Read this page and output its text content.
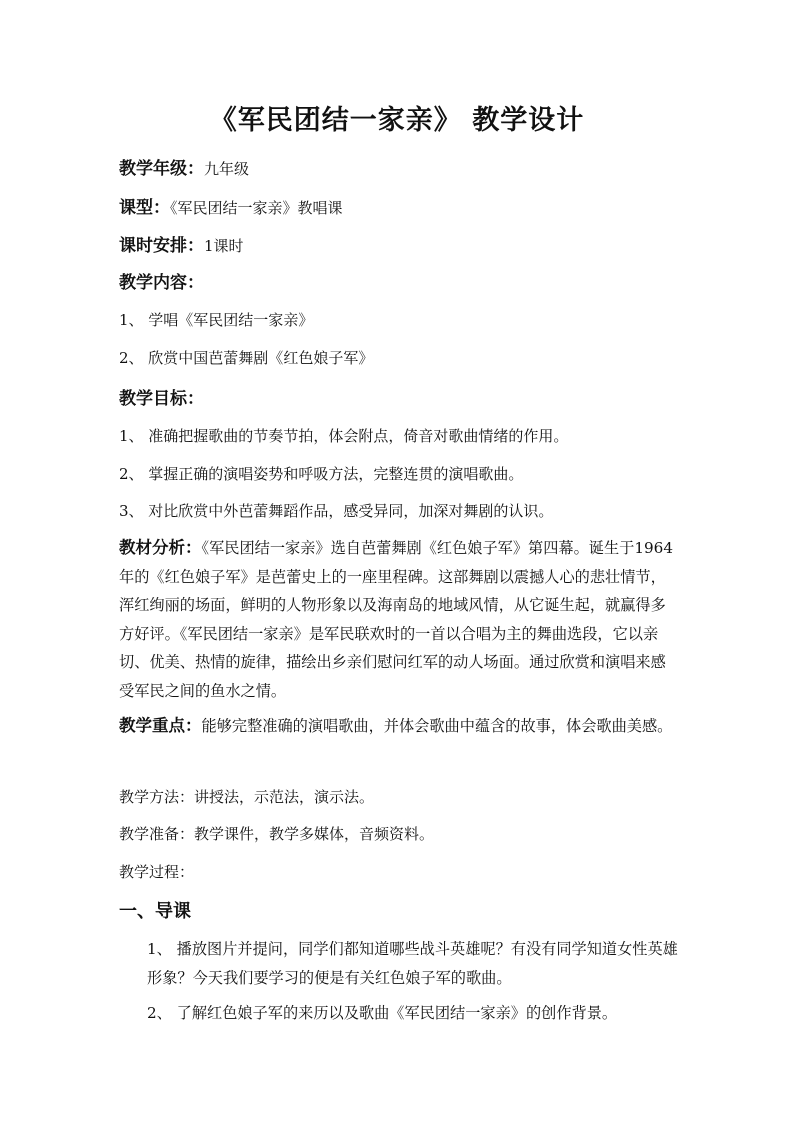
《军民团结一家亲》 教学设计
教学年级：九年级
课型：《军民团结一家亲》教唱课
课时安排：1课时
教学内容：
1、 学唱《军民团结一家亲》
2、 欣赏中国芭蕾舞剧《红色娘子军》
教学目标：
1、 准确把握歌曲的节奏节拍，体会附点，倚音对歌曲情绪的作用。
2、 掌握正确的演唱姿势和呼吸方法，完整连贯的演唱歌曲。
3、 对比欣赏中外芭蕾舞蹈作品，感受异同，加深对舞剧的认识。
教材分析：《军民团结一家亲》选自芭蕾舞剧《红色娘子军》第四幕。诞生于1964年的《红色娘子军》是芭蕾史上的一座里程碑。这部舞剧以震撼人心的悲壮情节，浑红绚丽的场面，鲜明的人物形象以及海南岛的地域风情，从它诞生起，就赢得多方好评。《军民团结一家亲》是军民联欢时的一首以合唱为主的舞曲选段，它以亲切、优美、热情的旋律，描绘出乡亲们慰问红军的动人场面。通过欣赏和演唱来感受军民之间的鱼水之情。
教学重点：能够完整准确的演唱歌曲，并体会歌曲中蕴含的故事，体会歌曲美感。
教学方法：讲授法，示范法，演示法。
教学准备：教学课件，教学多媒体，音频资料。
教学过程：
一、导课
1、 播放图片并提问，同学们都知道哪些战斗英雄呢？有没有同学知道女性英雄形象？今天我们要学习的便是有关红色娘子军的歌曲。
2、 了解红色娘子军的来历以及歌曲《军民团结一家亲》的创作背景。
